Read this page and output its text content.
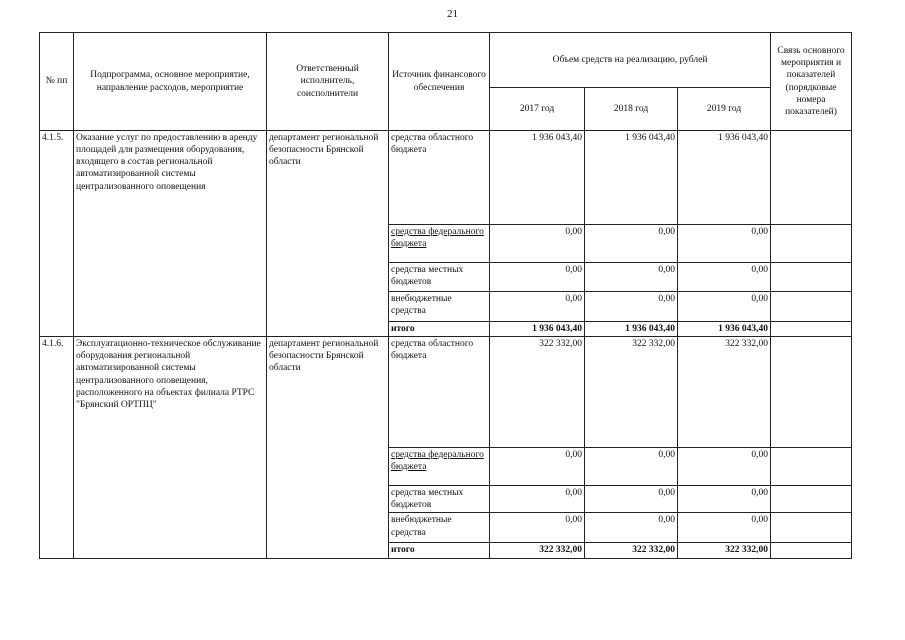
21
№ пп	Подпрограмма, основное мероприятие, направление расходов, мероприятие	Ответственный исполнитель, соисполнители	Источник финансового обеспечения	Объем средств на реализацию, рублей			Связь основного мероприятия и показателей (порядковые номера показателей)
				2017 год	2018 год	2019 год	
4.1.5.	Оказание услуг по предоставлению в аренду площадей для размещения оборудования, входящего в состав региональной автоматизированной системы централизованного оповещения	департамент региональной безопасности Брянской области	средства областного бюджета	1 936 043,40	1 936 043,40	1 936 043,40	
			средства федерального бюджета	0,00	0,00	0,00	
			средства местных бюджетов	0,00	0,00	0,00	
			внебюджетные средства	0,00	0,00	0,00	
			итого	1 936 043,40	1 936 043,40	1 936 043,40	
4.1.6.	Эксплуатационно-техническое обслуживание оборудования региональной автоматизированной системы централизованного оповещения, расположенного на объектах филиала РТРС "Брянский ОРТПЦ"	департамент региональной безопасности Брянской области	средства областного бюджета	322 332,00	322 332,00	322 332,00	
			средства федерального бюджета	0,00	0,00	0,00	
			средства местных бюджетов	0,00	0,00	0,00	
			внебюджетные средства	0,00	0,00	0,00	
			итого	322 332,00	322 332,00	322 332,00	
